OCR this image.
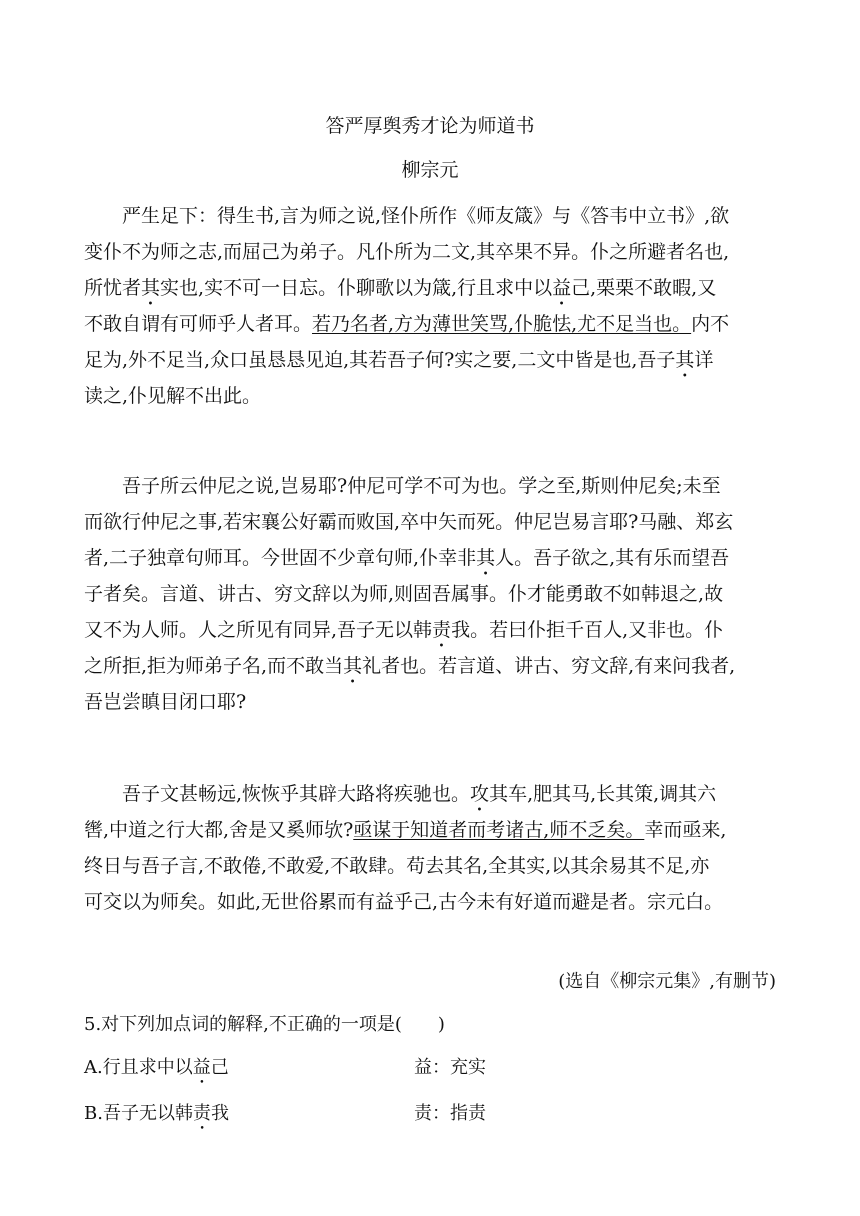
答严厚舆秀才论为师道书
柳宗元
　　严生足下：得生书,言为师之说,怪仆所作《师友箴》与《答韦中立书》,欲
变仆不为师之志,而屈己为弟子。凡仆所为二文,其卒果不异。仆之所避者名也,
所忧者其实也,实不可一日忘。仆聊歌以为箴,行且求中以益己,栗栗不敢暇,又
不敢自谓有可师乎人者耳。若乃名者,方为薄世笑骂,仆脆怯,尤不足当也。内不
足为,外不足当,众口虽恳恳见迫,其若吾子何?实之要,二文中皆是也,吾子其详
读之,仆见解不出此。
　　吾子所云仲尼之说,岂易耶?仲尼可学不可为也。学之至,斯则仲尼矣;未至
而欲行仲尼之事,若宋襄公好霸而败国,卒中矢而死。仲尼岂易言耶?马融、郑玄
者,二子独章句师耳。今世固不少章句师,仆幸非其人。吾子欲之,其有乐而望吾
子者矣。言道、讲古、穷文辞以为师,则固吾属事。仆才能勇敢不如韩退之,故
又不为人师。人之所见有同异,吾子无以韩责我。若曰仆拒千百人,又非也。仆
之所拒,拒为师弟子名,而不敢当其礼者也。若言道、讲古、穷文辞,有来问我者,
吾岂尝瞋目闭口耶?
　　吾子文甚畅远,恢恢乎其辟大路将疾驰也。攻其车,肥其马,长其策,调其六
辔,中道之行大都,舍是又奚师欤?亟谋于知道者而考诸古,师不乏矣。幸而亟来,
终日与吾子言,不敢倦,不敢爱,不敢肆。苟去其名,全其实,以其余易其不足,亦
可交以为师矣。如此,无世俗累而有益乎己,古今未有好道而避是者。宗元白。
(选自《柳宗元集》,有删节)
5.对下列加点词的解释,不正确的一项是(　　)
A.行且求中以益己	益：充实
B.吾子无以韩责我	责：指责
